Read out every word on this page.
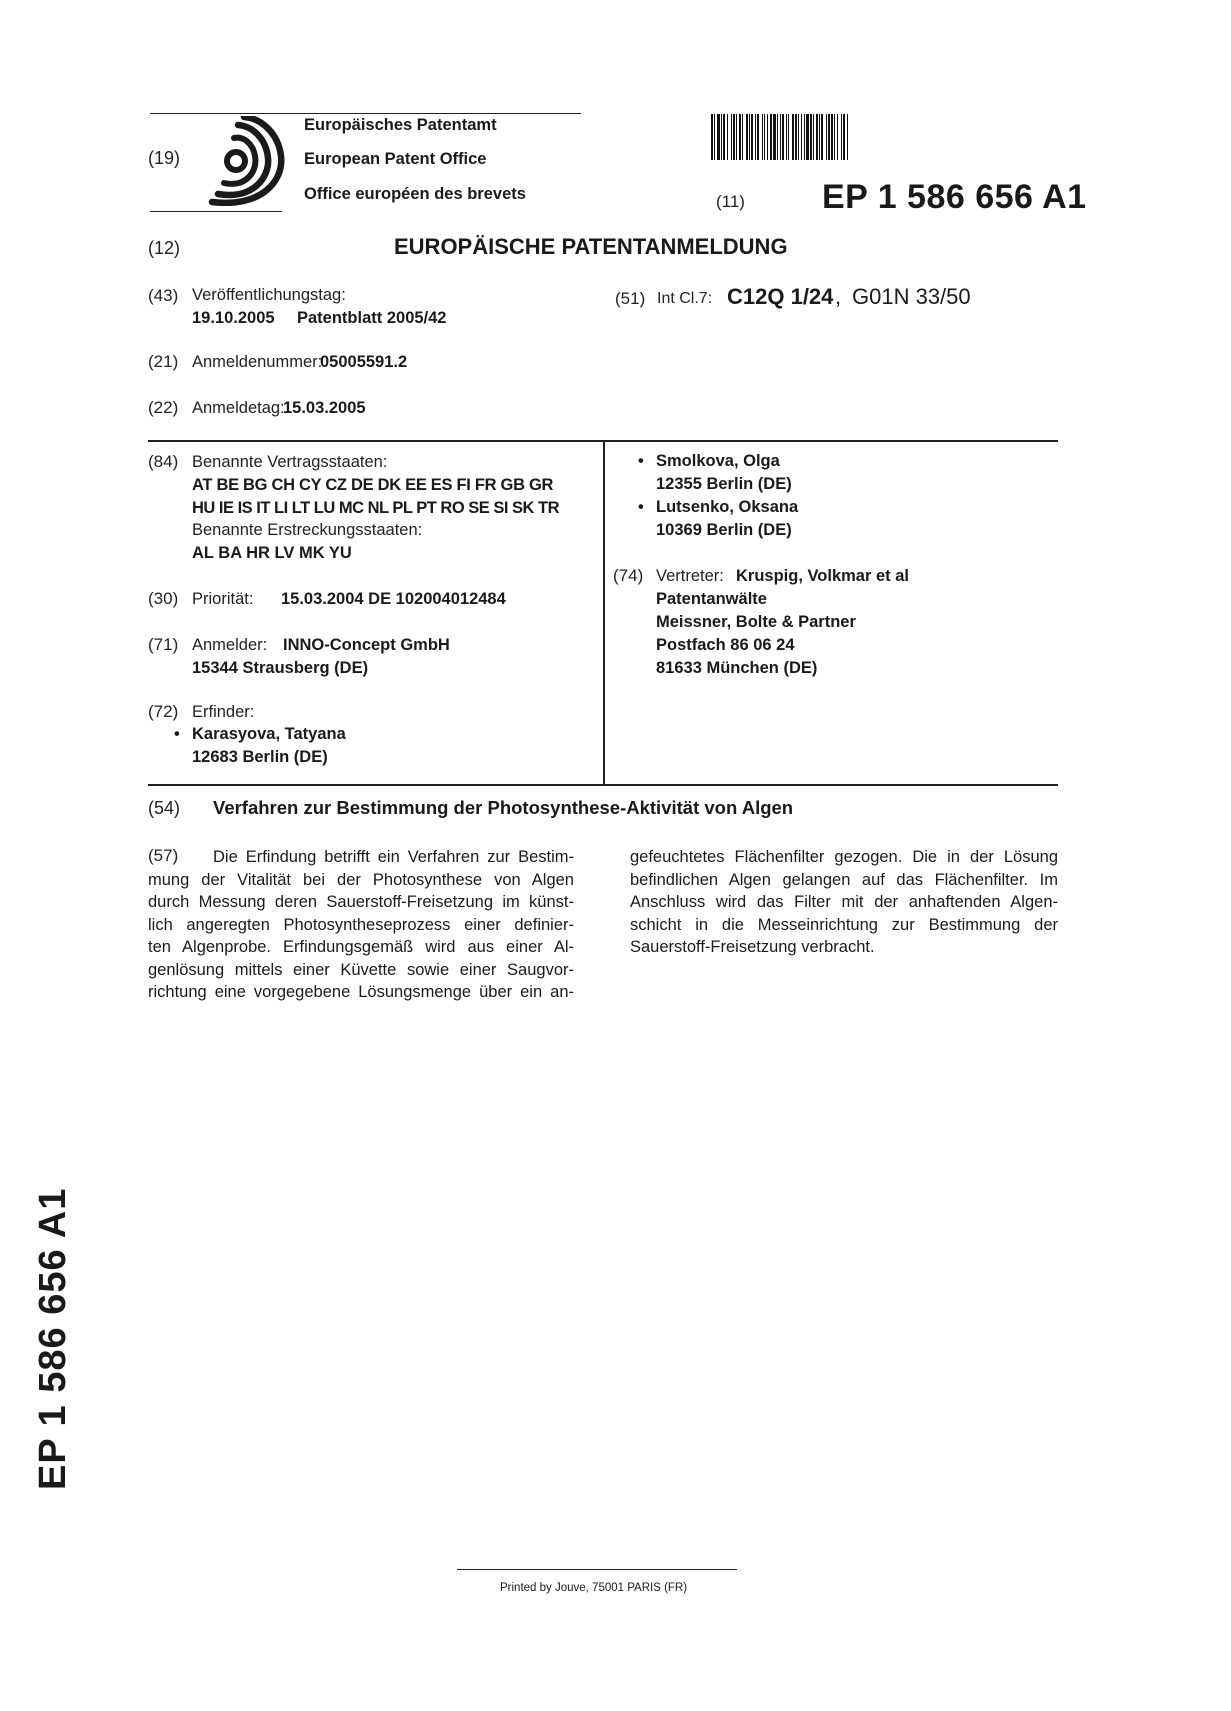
(19)
Europäisches Patentamt
European Patent Office
Office européen des brevets	(11) EP 1 586 656 A1
(12)	EUROPÄISCHE PATENTANMELDUNG
(43) Veröffentlichungstag:
19.10.2005 Patentblatt 2005/42
(51) Int Cl.7: C12Q 1/24 , G01N 33/50
(21) Anmeldenummer:
05005591.2
(22) Anmeldetag:
15.03.2005
(84) Benannte Vertragsstaaten:
AT BE BG CH CY CZ DE DK EE ES FI FR GB GR
HU IE IS IT LI LT LU MC NL PL PT RO SE SI SK TR
Benannte Erstreckungsstaaten:
AL BA HR LV MK YU
(30) Priorität: 15.03.2004 DE 102004012484
(71) Anmelder: INNO-Concept GmbH
15344 Strausberg (DE)
(72) Erfinder:
• Karasyova, Tatyana
12683 Berlin (DE)
• Smolkova, Olga
12355 Berlin (DE)
• Lutsenko, Oksana
10369 Berlin (DE)
(74) Vertreter: Kruspig, Volkmar et al
Patentanwälte
Meissner, Bolte & Partner
Postfach 86 06 24
81633 München (DE)
(54) Verfahren zur Bestimmung der Photosynthese-Aktivität von Algen
(57)	Die Erfindung betrifft ein Verfahren zur Bestim-
mung der Vitalität bei der Photosynthese von Algen
durch Messung deren Sauerstoff-Freisetzung im künst-
lich angeregten Photosyntheseprozess einer definier-
ten Algenprobe. Erfindungsgemäß wird aus einer Al-
genlösung mittels einer Küvette sowie einer Saugvor-
richtung eine vorgegebene Lösungsmenge über ein an-
gefeuchtetes Flächenfilter gezogen. Die in der Lösung
befindlichen Algen gelangen auf das Flächenfilter. Im
Anschluss wird das Filter mit der anhaftenden Algen-
schicht in die Messeinrichtung zur Bestimmung der
Sauerstoff-Freisetzung verbracht.
EP 1 586 656 A1
Printed by Jouve, 75001 PARIS (FR)
